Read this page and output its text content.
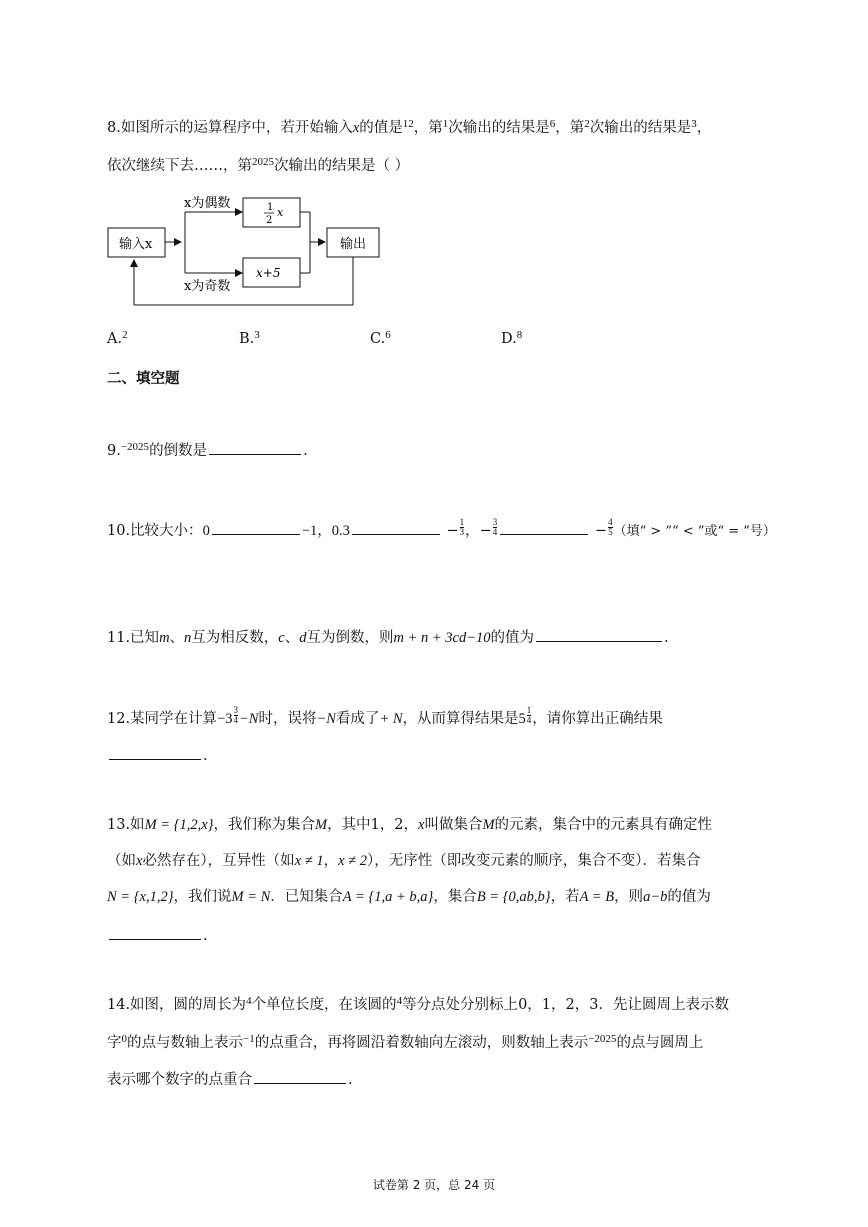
8.如图所示的运算程序中，若开始输入x的值是$^{12}$，第$^1$次输出的结果是$^6$，第$^2$次输出的结果是$^3$，
依次继续下去……，第$^{2025}$次输出的结果是（ ）
输入x
x为偶数
x为奇数
1
2
x
x+5
输出
A.$^2$	B.$^3$	C.$^6$	D.$^8$
二、填空题
9.$^{-2025}$的倒数是	.
10.比较大小：0	−1，0.3	− $\frac{1}{3}$ ，− $\frac{3}{4}$	− $\frac{4}{5}$ （填“ > ”“ < ”或“ = ”号）
11.已知m、n互为相反数，c、d互为倒数，则m + n + 3cd−10的值为	.
12.某同学在计算$-3 \frac{3}{4} -N$时，误将−N看成了+ N，从而算得结果是$5 \frac{1}{4}$ ，请你算出正确结果
.
13.如M = {1,2,x}，我们称为集合M，其中1，2，x叫做集合M的元素，集合中的元素具有确定性
（如x必然存在），互异性（如x ≠ 1，x ≠ 2），无序性（即改变元素的顺序，集合不变）．若集合
N = {x,1,2}，我们说M = N．已知集合A = {1,a + b,a}，集合B = {0,ab,b}，若A = B，则a−b的值为
.
14.如图，圆的周长为$^4$个单位长度，在该圆的$^4$等分点处分别标上0，1，2，3．先让圆周上表示数
字$^0$的点与数轴上表示$^{-1}$的点重合，再将圆沿着数轴向左滚动，则数轴上表示$^{-2025}$的点与圆周上
表示哪个数字的点重合	.
试卷第 2 页，总 24 页
